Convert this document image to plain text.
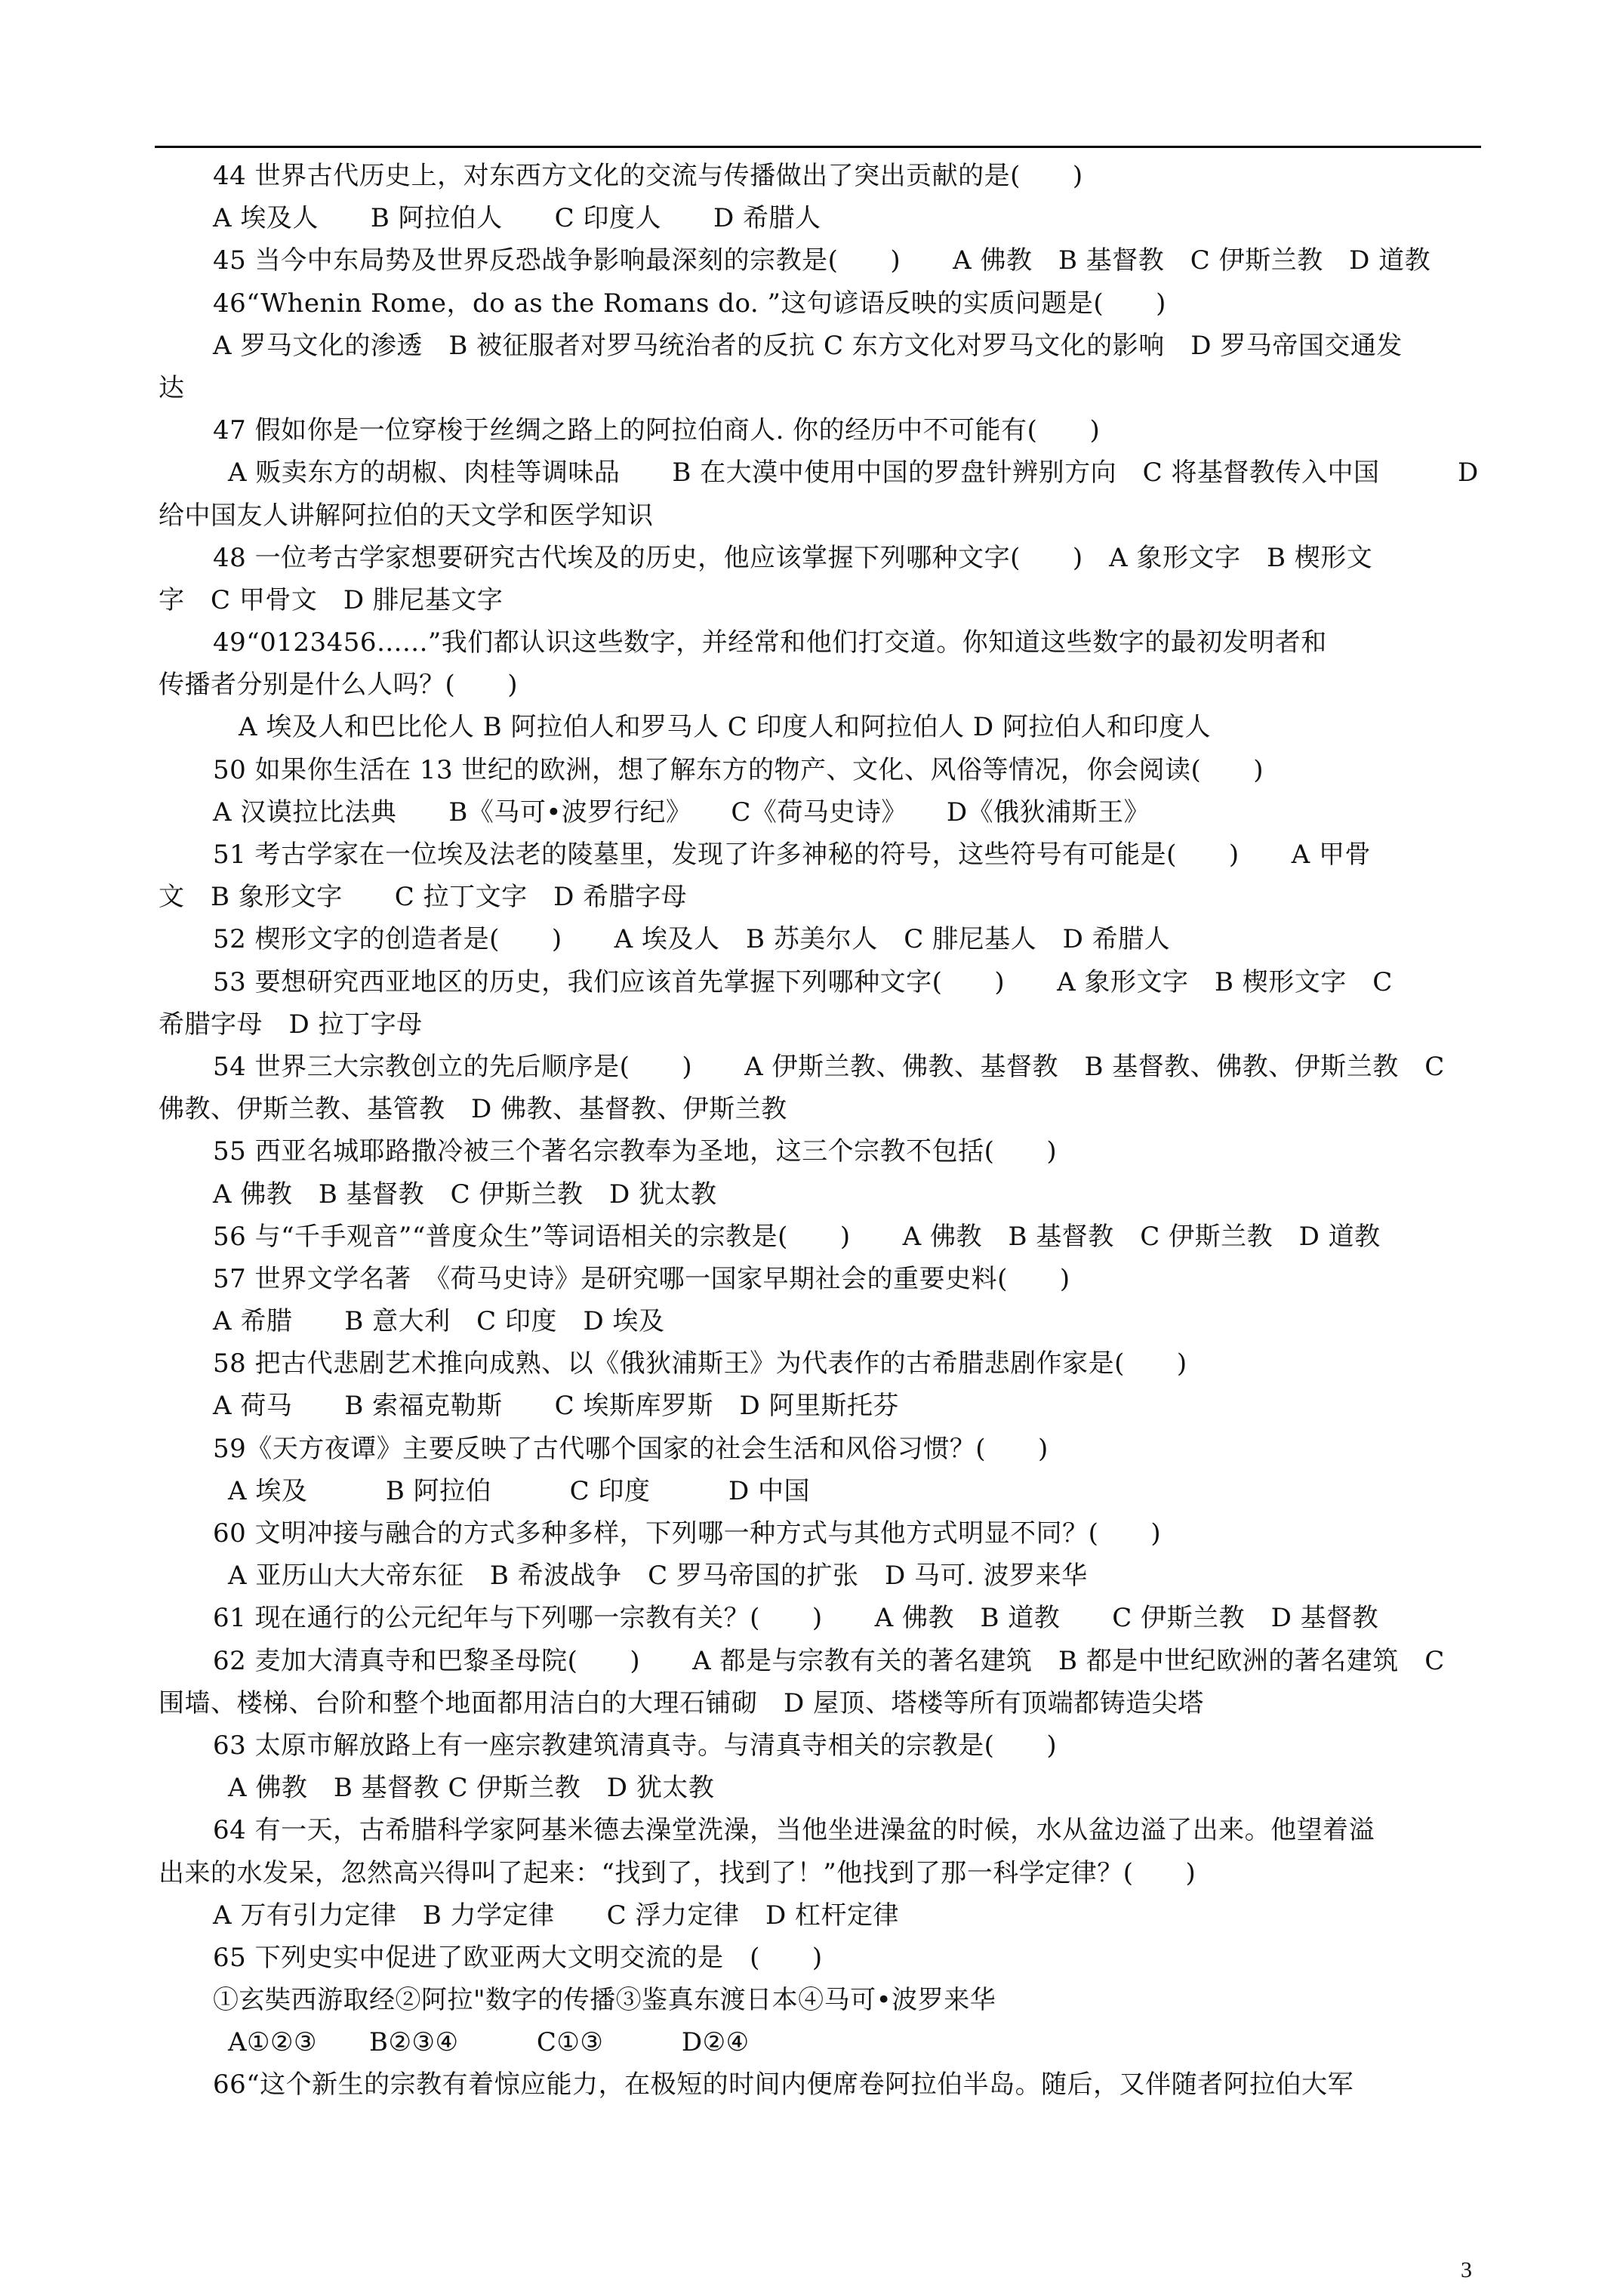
44 世界古代历史上，对东西方文化的交流与传播做出了突出贡献的是(　　)
A 埃及人　　B 阿拉伯人　　C 印度人　　D 希腊人
45 当今中东局势及世界反恐战争影响最深刻的宗教是(　　)　　A 佛教　B 基督教　C 伊斯兰教　D 道教
46“Whenin Rome，do as the Romans do. ”这句谚语反映的实质问题是(　　)
A 罗马文化的渗透　B 被征服者对罗马统治者的反抗 C 东方文化对罗马文化的影响　D 罗马帝国交通发
达
47 假如你是一位穿梭于丝绸之路上的阿拉伯商人. 你的经历中不可能有(　　)
A 贩卖东方的胡椒、肉桂等调味品　　B 在大漠中使用中国的罗盘针辨别方向　C 将基督教传入中国　　　D
给中国友人讲解阿拉伯的天文学和医学知识
48 一位考古学家想要研究古代埃及的历史，他应该掌握下列哪种文字(　　)　A 象形文字　B 楔形文
字　C 甲骨文　D 腓尼基文字
49“0123456......”我们都认识这些数字，并经常和他们打交道。你知道这些数字的最初发明者和
传播者分别是什么人吗？(　　)
A 埃及人和巴比伦人 B 阿拉伯人和罗马人 C 印度人和阿拉伯人 D 阿拉伯人和印度人
50 如果你生活在 13 世纪的欧洲，想了解东方的物产、文化、风俗等情况，你会阅读(　　)
A 汉谟拉比法典　　B《马可•波罗行纪》　　C《荷马史诗》　　D《俄狄浦斯王》
51 考古学家在一位埃及法老的陵墓里，发现了许多神秘的符号，这些符号有可能是(　　)　　A 甲骨
文　B 象形文字　　C 拉丁文字　D 希腊字母
52 楔形文字的创造者是(　　)　　A 埃及人　B 苏美尔人　C 腓尼基人　D 希腊人
53 要想研究西亚地区的历史，我们应该首先掌握下列哪种文字(　　)　　A 象形文字　B 楔形文字　C
希腊字母　D 拉丁字母
54 世界三大宗教创立的先后顺序是(　　)　　A 伊斯兰教、佛教、基督教　B 基督教、佛教、伊斯兰教　C
佛教、伊斯兰教、基管教　D 佛教、基督教、伊斯兰教
55 西亚名城耶路撒冷被三个著名宗教奉为圣地，这三个宗教不包括(　　)
A 佛教　B 基督教　C 伊斯兰教　D 犹太教
56 与“千手观音”“普度众生”等词语相关的宗教是(　　)　　A 佛教　B 基督教　C 伊斯兰教　D 道教
57 世界文学名著　《荷马史诗》是研究哪一国家早期社会的重要史料(　　)
A 希腊　　B 意大利　C 印度　D 埃及
58 把古代悲剧艺术推向成熟、以《俄狄浦斯王》为代表作的古希腊悲剧作家是(　　)
A 荷马　　B 索福克勒斯　　C 埃斯库罗斯　D 阿里斯托芬
59《天方夜谭》主要反映了古代哪个国家的社会生活和风俗习惯？(　　)
A 埃及　　　B 阿拉伯　　　C 印度　　　D 中国
60 文明冲接与融合的方式多种多样，下列哪一种方式与其他方式明显不同？(　　)
A 亚历山大大帝东征　B 希波战争　C 罗马帝国的扩张　D 马可. 波罗来华
61 现在通行的公元纪年与下列哪一宗教有关？(　　)　　A 佛教　B 道教　　C 伊斯兰教　D 基督教
62 麦加大清真寺和巴黎圣母院(　　)　　A 都是与宗教有关的著名建筑　B 都是中世纪欧洲的著名建筑　C
围墙、楼梯、台阶和整个地面都用洁白的大理石铺砌　D 屋顶、塔楼等所有顶端都铸造尖塔
63 太原市解放路上有一座宗教建筑清真寺。与清真寺相关的宗教是(　　)
A 佛教　B 基督教 C 伊斯兰教　D 犹太教
64 有一天，古希腊科学家阿基米德去澡堂洗澡，当他坐进澡盆的时候，水从盆边溢了出来。他望着溢
出来的水发呆，忽然高兴得叫了起来：“找到了，找到了！”他找到了那一科学定律？(　　)
A 万有引力定律　B 力学定律　　C 浮力定律　D 杠杆定律
65 下列史实中促进了欧亚两大文明交流的是　(　　)
①玄奘西游取经②阿拉"数字的传播③鉴真东渡日本④马可•波罗来华
A①②③　　B②③④　　　C①③　　　D②④
66“这个新生的宗教有着惊应能力，在极短的时间内便席卷阿拉伯半岛。随后，又伴随者阿拉伯大军
3
